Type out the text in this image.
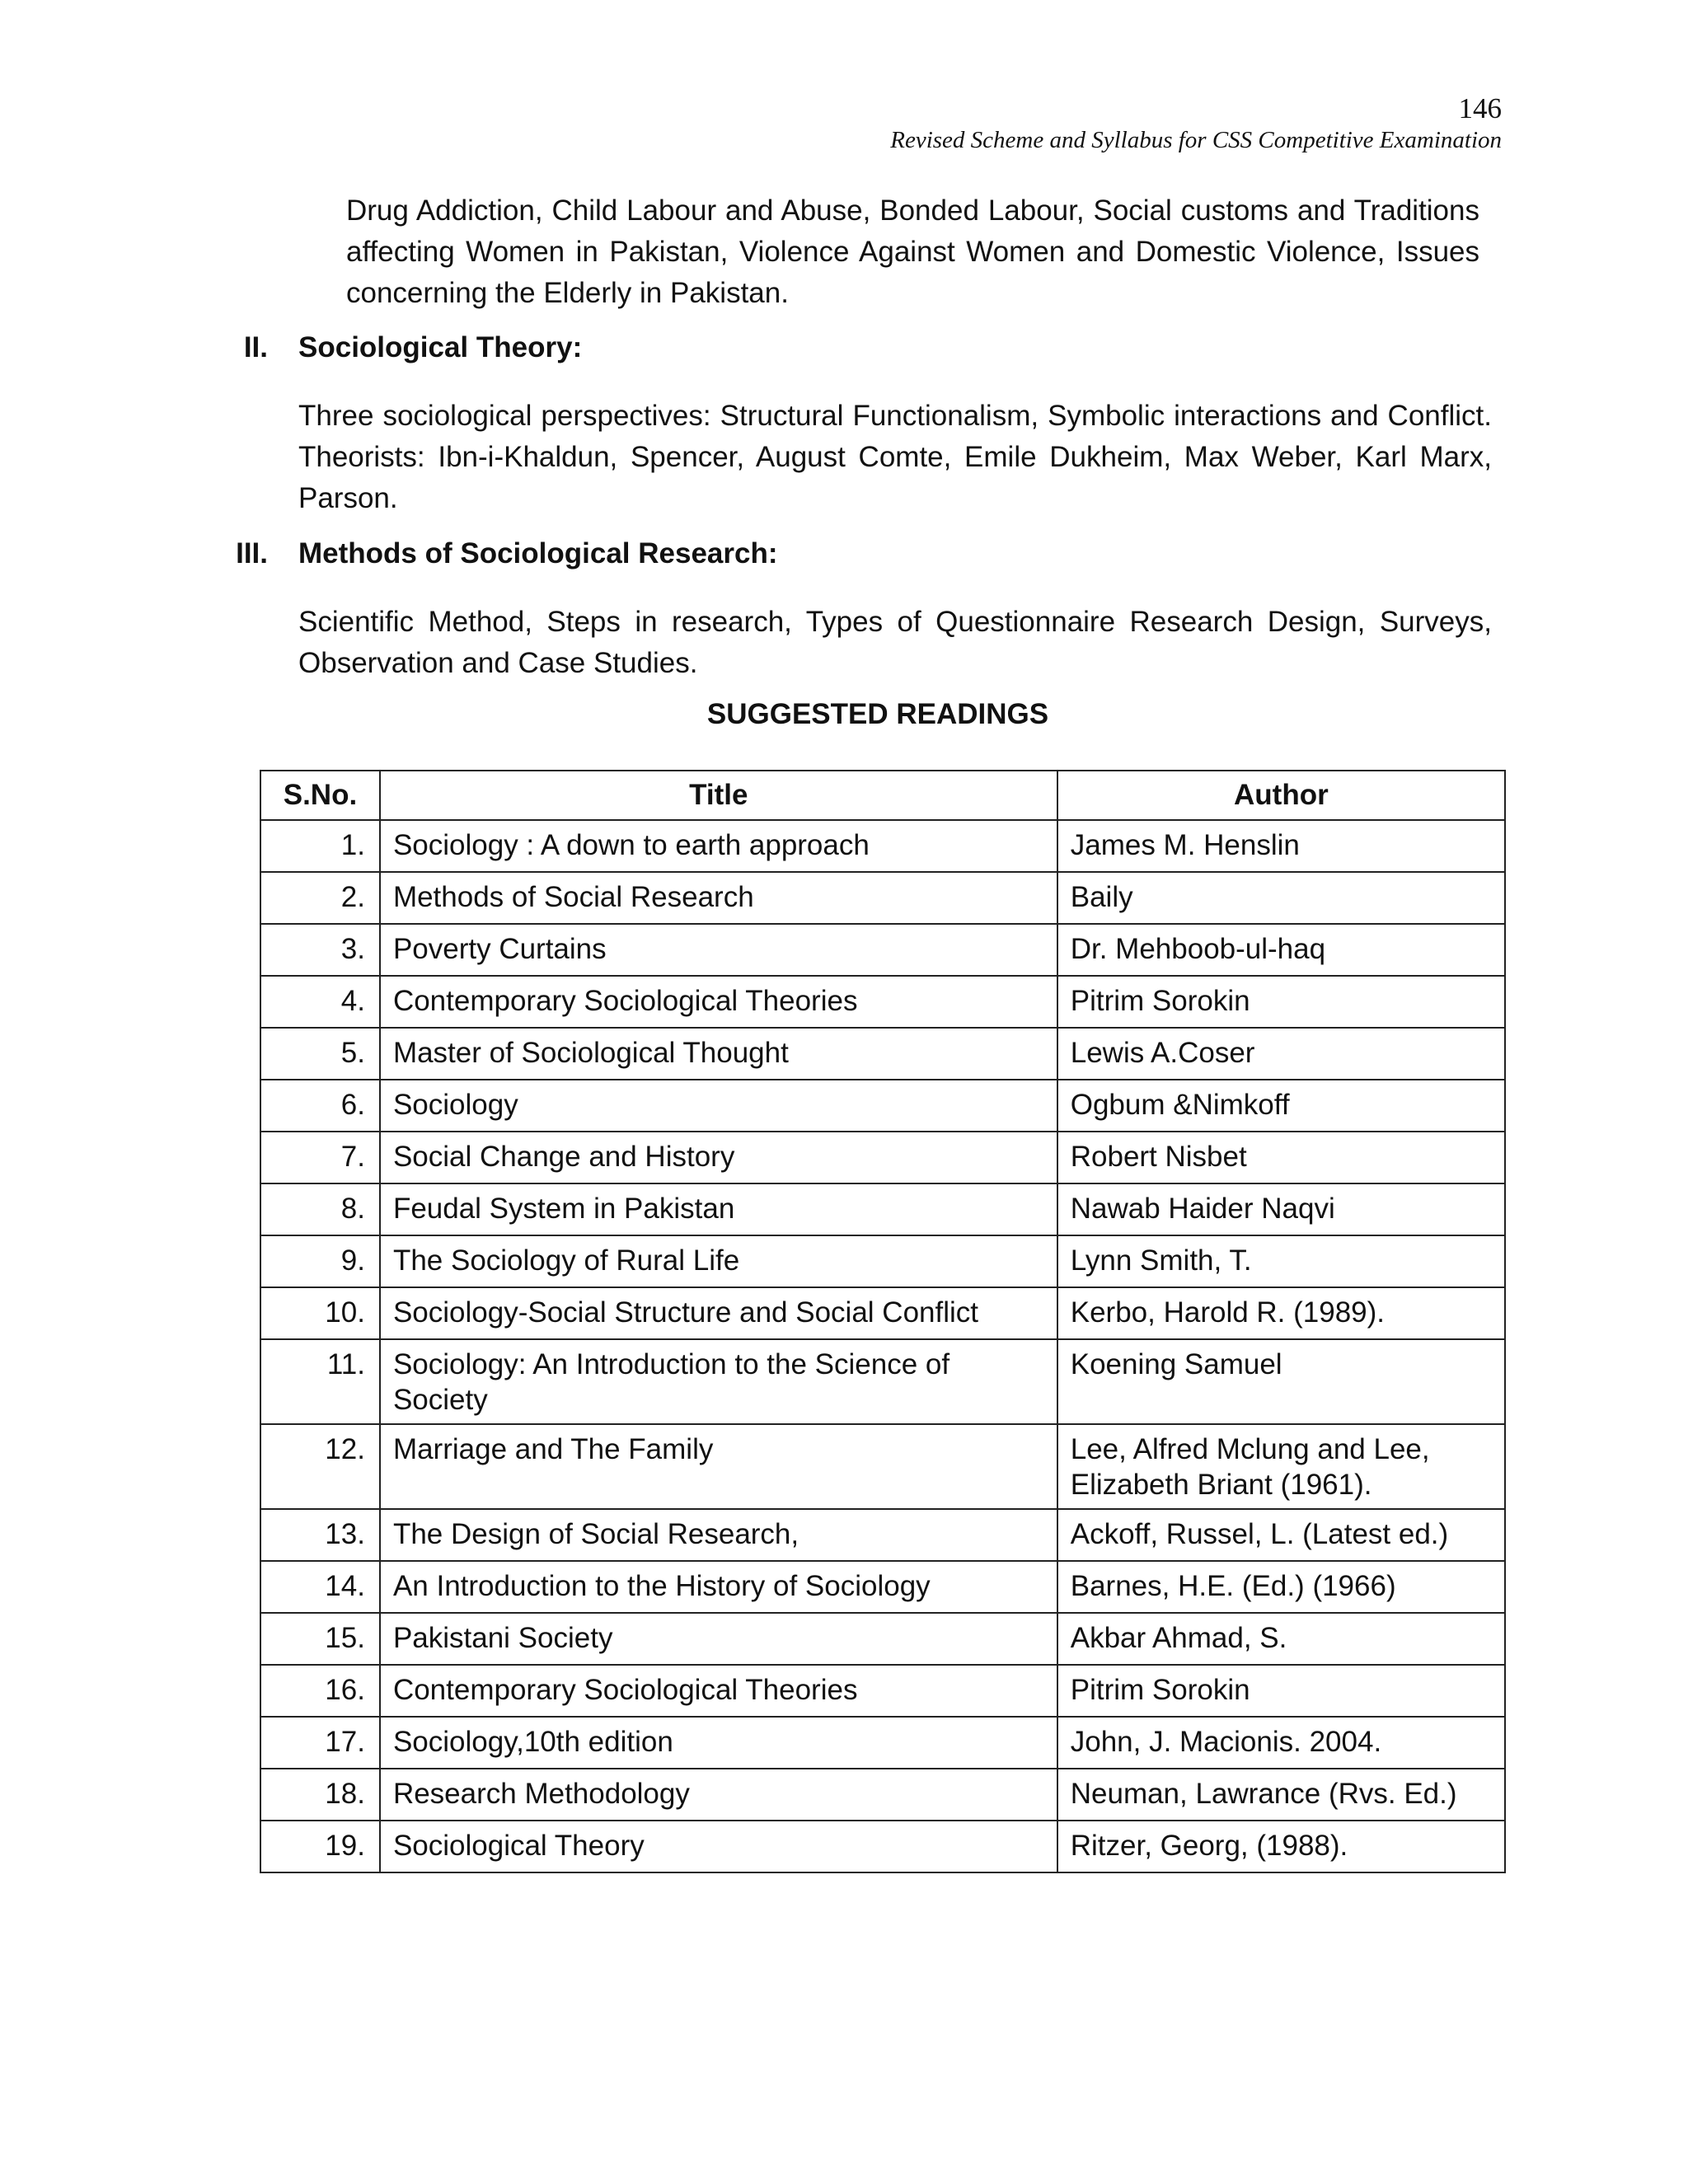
146

Revised Scheme and Syllabus for CSS Competitive Examination

Drug Addiction, Child Labour and Abuse, Bonded Labour, Social customs and Traditions affecting Women in Pakistan, Violence Against Women and Domestic Violence, Issues concerning the Elderly in Pakistan.

II. Sociological Theory:

Three sociological perspectives: Structural Functionalism, Symbolic interactions and Conflict. Theorists: Ibn-i-Khaldun, Spencer, August Comte, Emile Dukheim, Max Weber, Karl Marx, Parson.

III. Methods of Sociological Research:

Scientific Method, Steps in research, Types of Questionnaire Research Design, Surveys, Observation and Case Studies.

SUGGESTED READINGS

S.No.	Title	Author
1.	Sociology : A down to earth approach	James M. Henslin
2.	Methods of Social Research	Baily
3.	Poverty Curtains	Dr. Mehboob-ul-haq
4.	Contemporary Sociological Theories	Pitrim Sorokin
5.	Master of Sociological Thought	Lewis A.Coser
6.	Sociology	Ogbum &Nimkoff
7.	Social Change and History	Robert Nisbet
8.	Feudal System in Pakistan	Nawab Haider Naqvi
9.	The Sociology of Rural Life	Lynn Smith, T.
10.	Sociology-Social Structure and Social Conflict	Kerbo, Harold R. (1989).
11.	Sociology: An Introduction to the Science of Society	Koening Samuel
12.	Marriage and The Family	Lee, Alfred Mclung and Lee, Elizabeth Briant (1961).
13.	The Design of Social Research,	Ackoff, Russel, L. (Latest ed.)
14.	An Introduction to the History of Sociology	Barnes, H.E. (Ed.) (1966)
15.	Pakistani Society	Akbar Ahmad, S.
16.	Contemporary Sociological Theories	Pitrim Sorokin
17.	Sociology,10th edition	John, J. Macionis. 2004.
18.	Research Methodology	Neuman, Lawrance (Rvs. Ed.)
19.	Sociological Theory	Ritzer, Georg, (1988).
